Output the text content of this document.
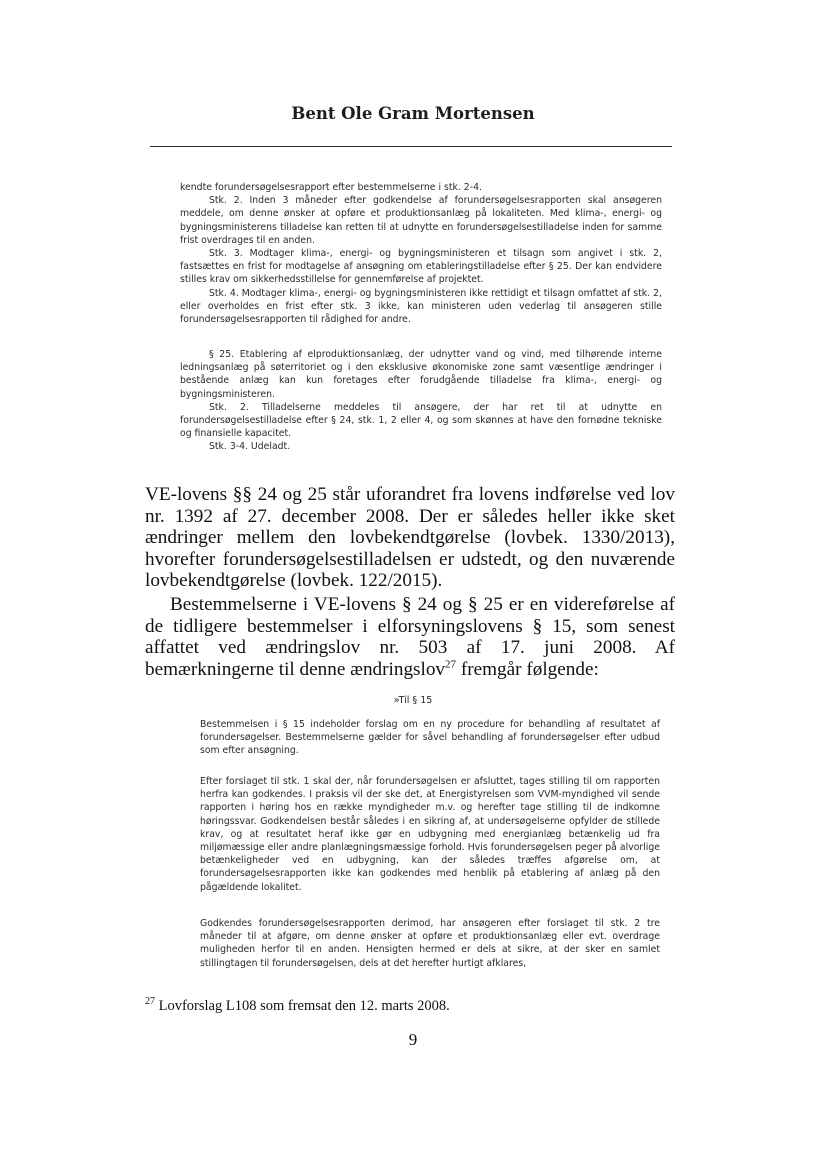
Bent Ole Gram Mortensen

kendte forundersøgelsesrapport efter bestemmelserne i stk. 2-4.

Stk. 2. Inden 3 måneder efter godkendelse af forundersøgelsesrapporten skal ansøgeren meddele, om denne ønsker at opføre et produktionsanlæg på lokaliteten. Med klima-, energi- og bygningsministerens tilladelse kan retten til at udnytte en forundersøgelsestilladelse inden for samme frist overdrages til en anden.

Stk. 3. Modtager klima-, energi- og bygningsministeren et tilsagn som angivet i stk. 2, fastsættes en frist for modtagelse af ansøgning om etableringstilladelse efter § 25. Der kan endvidere stilles krav om sikkerhedsstillelse for gennemførelse af projektet.

Stk. 4. Modtager klima-, energi- og bygningsministeren ikke rettidigt et tilsagn omfattet af stk. 2, eller overholdes en frist efter stk. 3 ikke, kan ministeren uden vederlag til ansøgeren stille forundersøgelsesrapporten til rådighed for andre.

§ 25. Etablering af elproduktionsanlæg, der udnytter vand og vind, med tilhørende interne ledningsanlæg på søterritoriet og i den eksklusive økonomiske zone samt væsentlige ændringer i bestående anlæg kan kun foretages efter forudgående tilladelse fra klima-, energi- og bygningsministeren.

Stk. 2. Tilladelserne meddeles til ansøgere, der har ret til at udnytte en forundersøgelsestilladelse efter § 24, stk. 1, 2 eller 4, og som skønnes at have den fornødne tekniske og finansielle kapacitet.

Stk. 3-4. Udeladt.

VE-lovens §§ 24 og 25 står uforandret fra lovens indførelse ved lov nr. 1392 af 27. december 2008. Der er således heller ikke sket ændringer mellem den lovbekendtgørelse (lovbek. 1330/2013), hvorefter forundersøgelsestilladelsen er udstedt, og den nuværende lovbekendtgørelse (lovbek. 122/2015).

Bestemmelserne i VE-lovens § 24 og § 25 er en videreførelse af de tidligere bestemmelser i elforsyningslovens § 15, som senest affattet ved ændringslov nr. 503 af 17. juni 2008. Af bemærkningerne til denne ændringslov$^{27}$ fremgår følgende:

»Til § 15

Bestemmelsen i § 15 indeholder forslag om en ny procedure for behandling af resultatet af forundersøgelser. Bestemmelserne gælder for såvel behandling af forundersøgelser efter udbud som efter ansøgning.

Efter forslaget til stk. 1 skal der, når forundersøgelsen er afsluttet, tages stilling til om rapporten herfra kan godkendes. I praksis vil der ske det, at Energistyrelsen som VVM-myndighed vil sende rapporten i høring hos en række myndigheder m.v. og herefter tage stilling til de indkomne høringssvar. Godkendelsen består således i en sikring af, at undersøgelserne opfylder de stillede krav, og at resultatet heraf ikke gør en udbygning med energianlæg betænkelig ud fra miljømæssige eller andre planlægningsmæssige forhold. Hvis forundersøgelsen peger på alvorlige betænkeligheder ved en udbygning, kan der således træffes afgørelse om, at forundersøgelsesrapporten ikke kan godkendes med henblik på etablering af anlæg på den pågældende lokalitet.

Godkendes forundersøgelsesrapporten derimod, har ansøgeren efter forslaget til stk. 2 tre måneder til at afgøre, om denne ønsker at opføre et produktionsanlæg eller evt. overdrage muligheden herfor til en anden. Hensigten hermed er dels at sikre, at der sker en samlet stillingtagen til forundersøgelsen, dels at det herefter hurtigt afklares,

$^{27}$ Lovforslag L108 som fremsat den 12. marts 2008.
9
